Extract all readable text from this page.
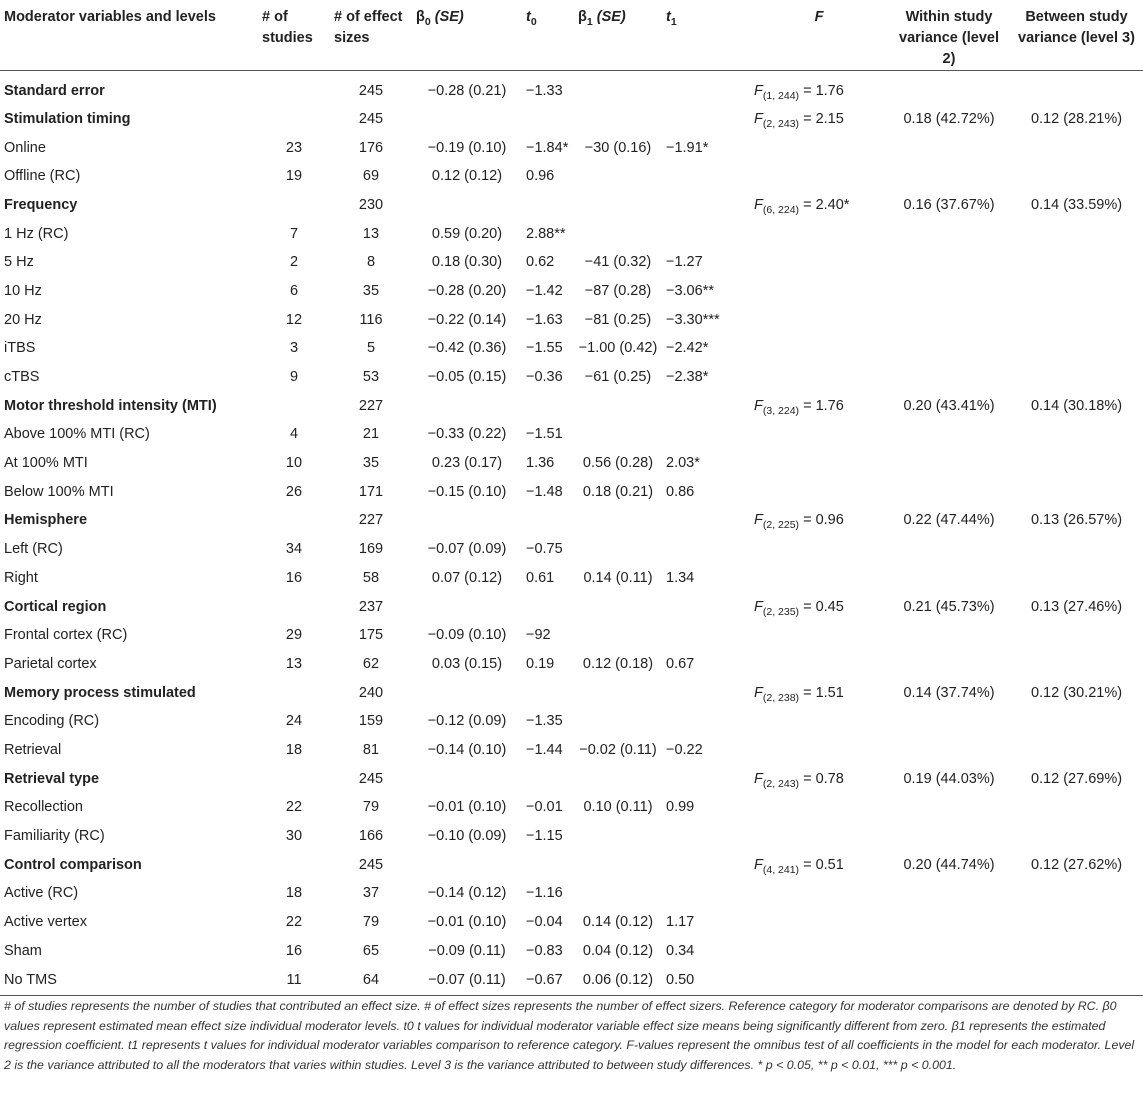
Moderator variables and levels	# of studies	# of effect sizes	$\beta_0$ (SE)	$t_0$	$\beta_1$ (SE)	$t_1$	F	Within study variance (level 2)	Between study variance (level 3)
Standard error		245	−0.28 (0.21)	−1.33			$F_{(1, 244)} = 1.76$		
Stimulation timing		245					$F_{(2, 243)} = 2.15$	0.18 (42.72%)	0.12 (28.21%)
Online	23	176	−0.19 (0.10)	−1.84*	−30 (0.16)	−1.91*			
Offline (RC)	19	69	0.12 (0.12)	0.96					
Frequency		230					$F_{(6, 224)} = 2.40*$	0.16 (37.67%)	0.14 (33.59%)
1 Hz (RC)	7	13	0.59 (0.20)	2.88**					
5 Hz	2	8	0.18 (0.30)	0.62	−41 (0.32)	−1.27			
10 Hz	6	35	−0.28 (0.20)	−1.42	−87 (0.28)	−3.06**			
20 Hz	12	116	−0.22 (0.14)	−1.63	−81 (0.25)	−3.30***			
iTBS	3	5	−0.42 (0.36)	−1.55	−1.00 (0.42)	−2.42*			
cTBS	9	53	−0.05 (0.15)	−0.36	−61 (0.25)	−2.38*			
Motor threshold intensity (MTI)		227					$F_{(3, 224)} = 1.76$	0.20 (43.41%)	0.14 (30.18%)
Above 100% MTI (RC)	4	21	−0.33 (0.22)	−1.51					
At 100% MTI	10	35	0.23 (0.17)	1.36	0.56 (0.28)	2.03*			
Below 100% MTI	26	171	−0.15 (0.10)	−1.48	0.18 (0.21)	0.86			
Hemisphere		227					$F_{(2, 225)} = 0.96$	0.22 (47.44%)	0.13 (26.57%)
Left (RC)	34	169	−0.07 (0.09)	−0.75					
Right	16	58	0.07 (0.12)	0.61	0.14 (0.11)	1.34			
Cortical region		237					$F_{(2, 235)} = 0.45$	0.21 (45.73%)	0.13 (27.46%)
Frontal cortex (RC)	29	175	−0.09 (0.10)	−92					
Parietal cortex	13	62	0.03 (0.15)	0.19	0.12 (0.18)	0.67			
Memory process stimulated		240					$F_{(2, 238)} = 1.51$	0.14 (37.74%)	0.12 (30.21%)
Encoding (RC)	24	159	−0.12 (0.09)	−1.35					
Retrieval	18	81	−0.14 (0.10)	−1.44	−0.02 (0.11)	−0.22			
Retrieval type		245					$F_{(2, 243)} = 0.78$	0.19 (44.03%)	0.12 (27.69%)
Recollection	22	79	−0.01 (0.10)	−0.01	0.10 (0.11)	0.99			
Familiarity (RC)	30	166	−0.10 (0.09)	−1.15					
Control comparison		245					$F_{(4, 241)} = 0.51$	0.20 (44.74%)	0.12 (27.62%)
Active (RC)	18	37	−0.14 (0.12)	−1.16					
Active vertex	22	79	−0.01 (0.10)	−0.04	0.14 (0.12)	1.17			
Sham	16	65	−0.09 (0.11)	−0.83	0.04 (0.12)	0.34			
No TMS	11	64	−0.07 (0.11)	−0.67	0.06 (0.12)	0.50			
# of studies represents the number of studies that contributed an effect size. # of effect sizes represents the number of effect sizers. Reference category for moderator comparisons are denoted by RC. β0 values represent estimated mean effect size individual moderator levels. t0 t values for individual moderator variable effect size means being significantly different from zero. β1 represents the estimated regression coefficient. t1 represents t values for individual moderator variables comparison to reference category. F-values represent the omnibus test of all coefficients in the model for each moderator. Level 2 is the variance attributed to all the moderators that varies within studies. Level 3 is the variance attributed to between study differences. * p < 0.05, ** p < 0.01, *** p < 0.001.
